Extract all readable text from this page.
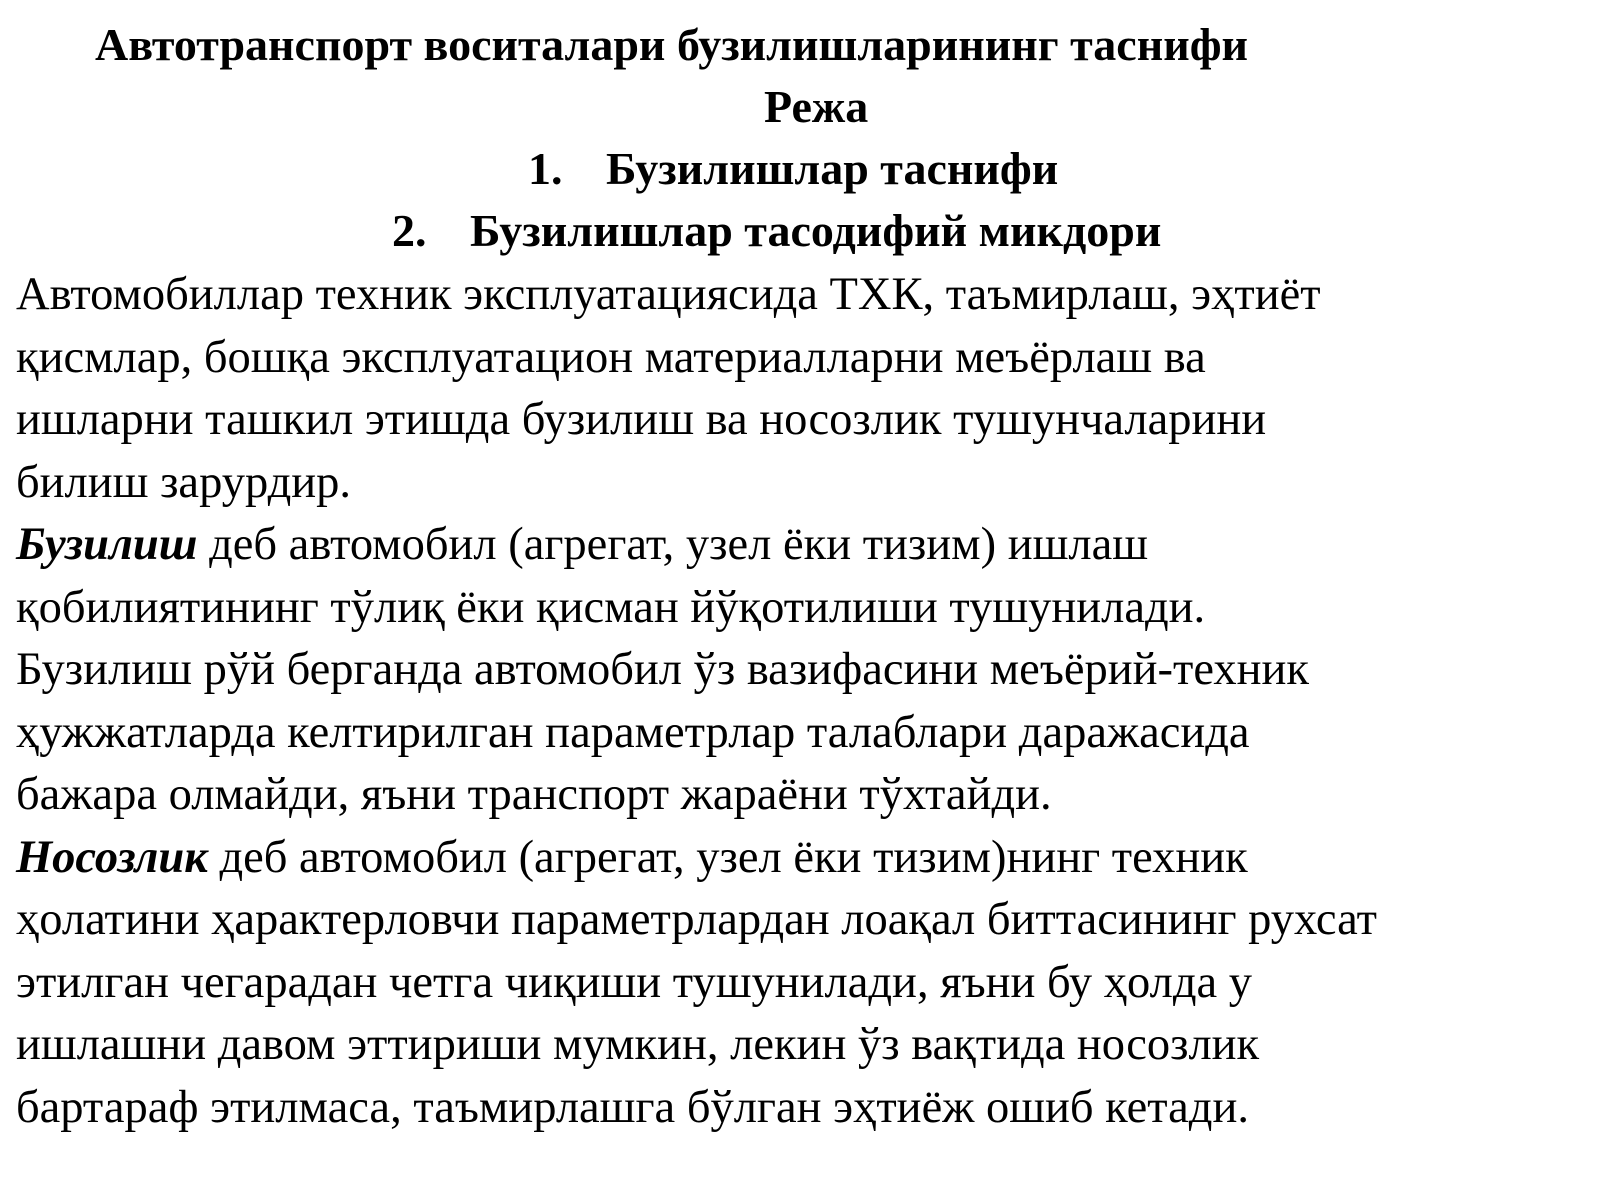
Автотранспорт воситалари бузилишларининг таснифи
Режа
1. Бузилишлар таснифи
2. Бузилишлар тасодифий микдори
Автомобиллар техник эксплуатациясида ТХК, таъмирлаш, эҳтиёт
қисмлар, бошқа эксплуатацион материалларни меъёрлаш ва
ишларни ташкил этишда бузилиш ва носозлик тушунчаларини
билиш зарурдир.
Бузилиш деб автомобил (агрегат, узел ёки тизим) ишлаш
қобилиятининг тўлиқ ёки қисман йўқотилиши тушунилади.
Бузилиш рўй берганда автомобил ўз вазифасини меъёрий-техник
ҳужжатларда келтирилган параметрлар талаблари даражасида
бажара олмайди, яъни транспорт жараёни тўхтайди.
Носозлик деб автомобил (агрегат, узел ёки тизим)нинг техник
ҳолатини ҳарактерловчи параметрлардан лоақал биттасининг рухсат
этилган чегарадан четга чиқиши тушунилади, яъни бу ҳолда у
ишлашни давом эттириши мумкин, лекин ўз вақтида носозлик
бартараф этилмаса, таъмирлашга бўлган эҳтиёж ошиб кетади.
